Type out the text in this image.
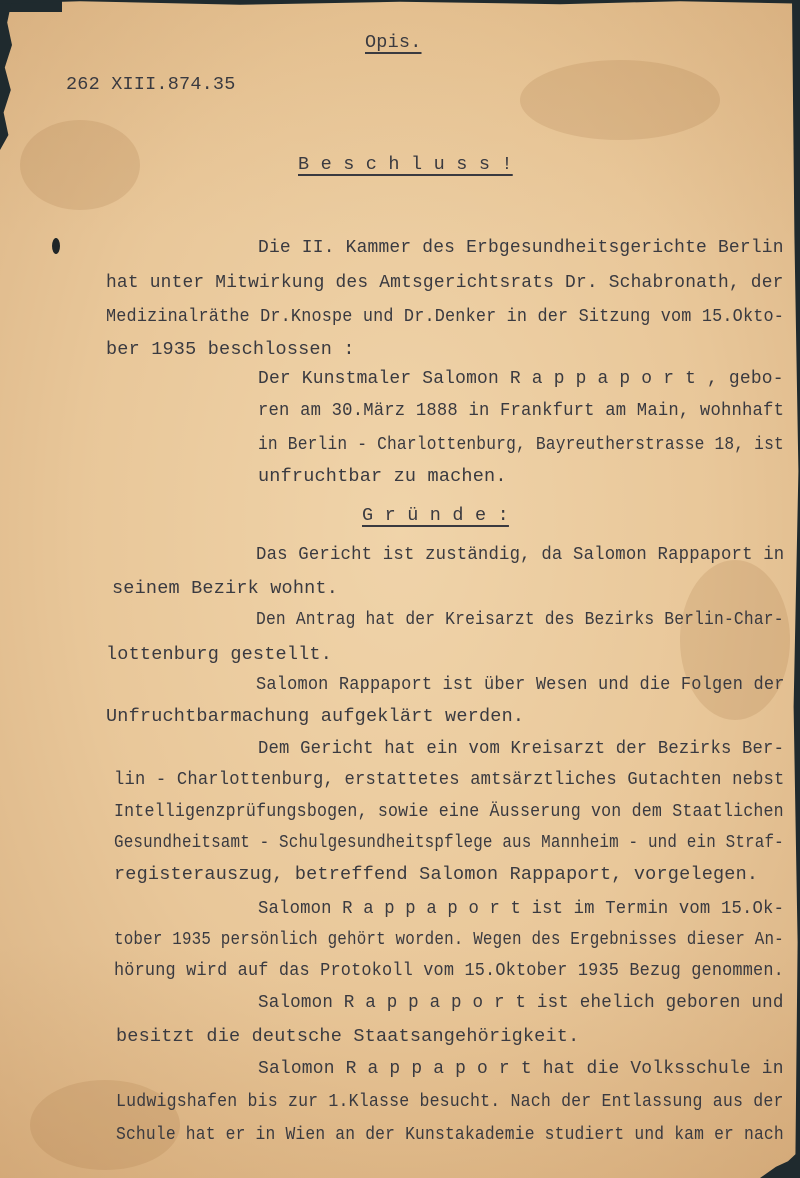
Opis.

262 XIII.874.35

B e s c h l u s s !

Die II. Kammer des Erbgesundheitsgerichte Berlin

hat unter Mitwirkung des Amtsgerichtsrats Dr. Schabronath, der

Medizinalräthe Dr.Knospe und Dr.Denker in der Sitzung vom 15.Okto-

ber 1935 beschlossen :

Der Kunstmaler Salomon R a p p a p o r t , gebo-

ren am 30.März 1888 in Frankfurt am Main, wohnhaft

in Berlin - Charlottenburg, Bayreutherstrasse 18, ist

unfruchtbar zu machen.

G r ü n d e :

Das Gericht ist zuständig, da Salomon Rappaport in

seinem Bezirk wohnt.

Den Antrag hat der Kreisarzt des Bezirks Berlin-Char-

lottenburg gestellt.

Salomon Rappaport ist über Wesen und die Folgen der

Unfruchtbarmachung aufgeklärt werden.

Dem Gericht hat ein vom Kreisarzt der Bezirks Ber-

lin - Charlottenburg, erstattetes amtsärztliches Gutachten nebst

Intelligenzprüfungsbogen, sowie eine Äusserung von dem Staatlichen

Gesundheitsamt - Schulgesundheitspflege aus Mannheim - und ein Straf-

registerauszug, betreffend Salomon Rappaport, vorgelegen.

Salomon R a p p a p o r t ist im Termin vom 15.Ok-

tober 1935 persönlich gehört worden. Wegen des Ergebnisses dieser An-

hörung wird auf das Protokoll vom 15.Oktober 1935 Bezug genommen.

Salomon R a p p a p o r t ist ehelich geboren und

besitzt die deutsche Staatsangehörigkeit.

Salomon R a p p a p o r t hat die Volksschule in

Ludwigshafen bis zur 1.Klasse besucht. Nach der Entlassung aus der

Schule hat er in Wien an der Kunstakademie studiert und kam er nach
